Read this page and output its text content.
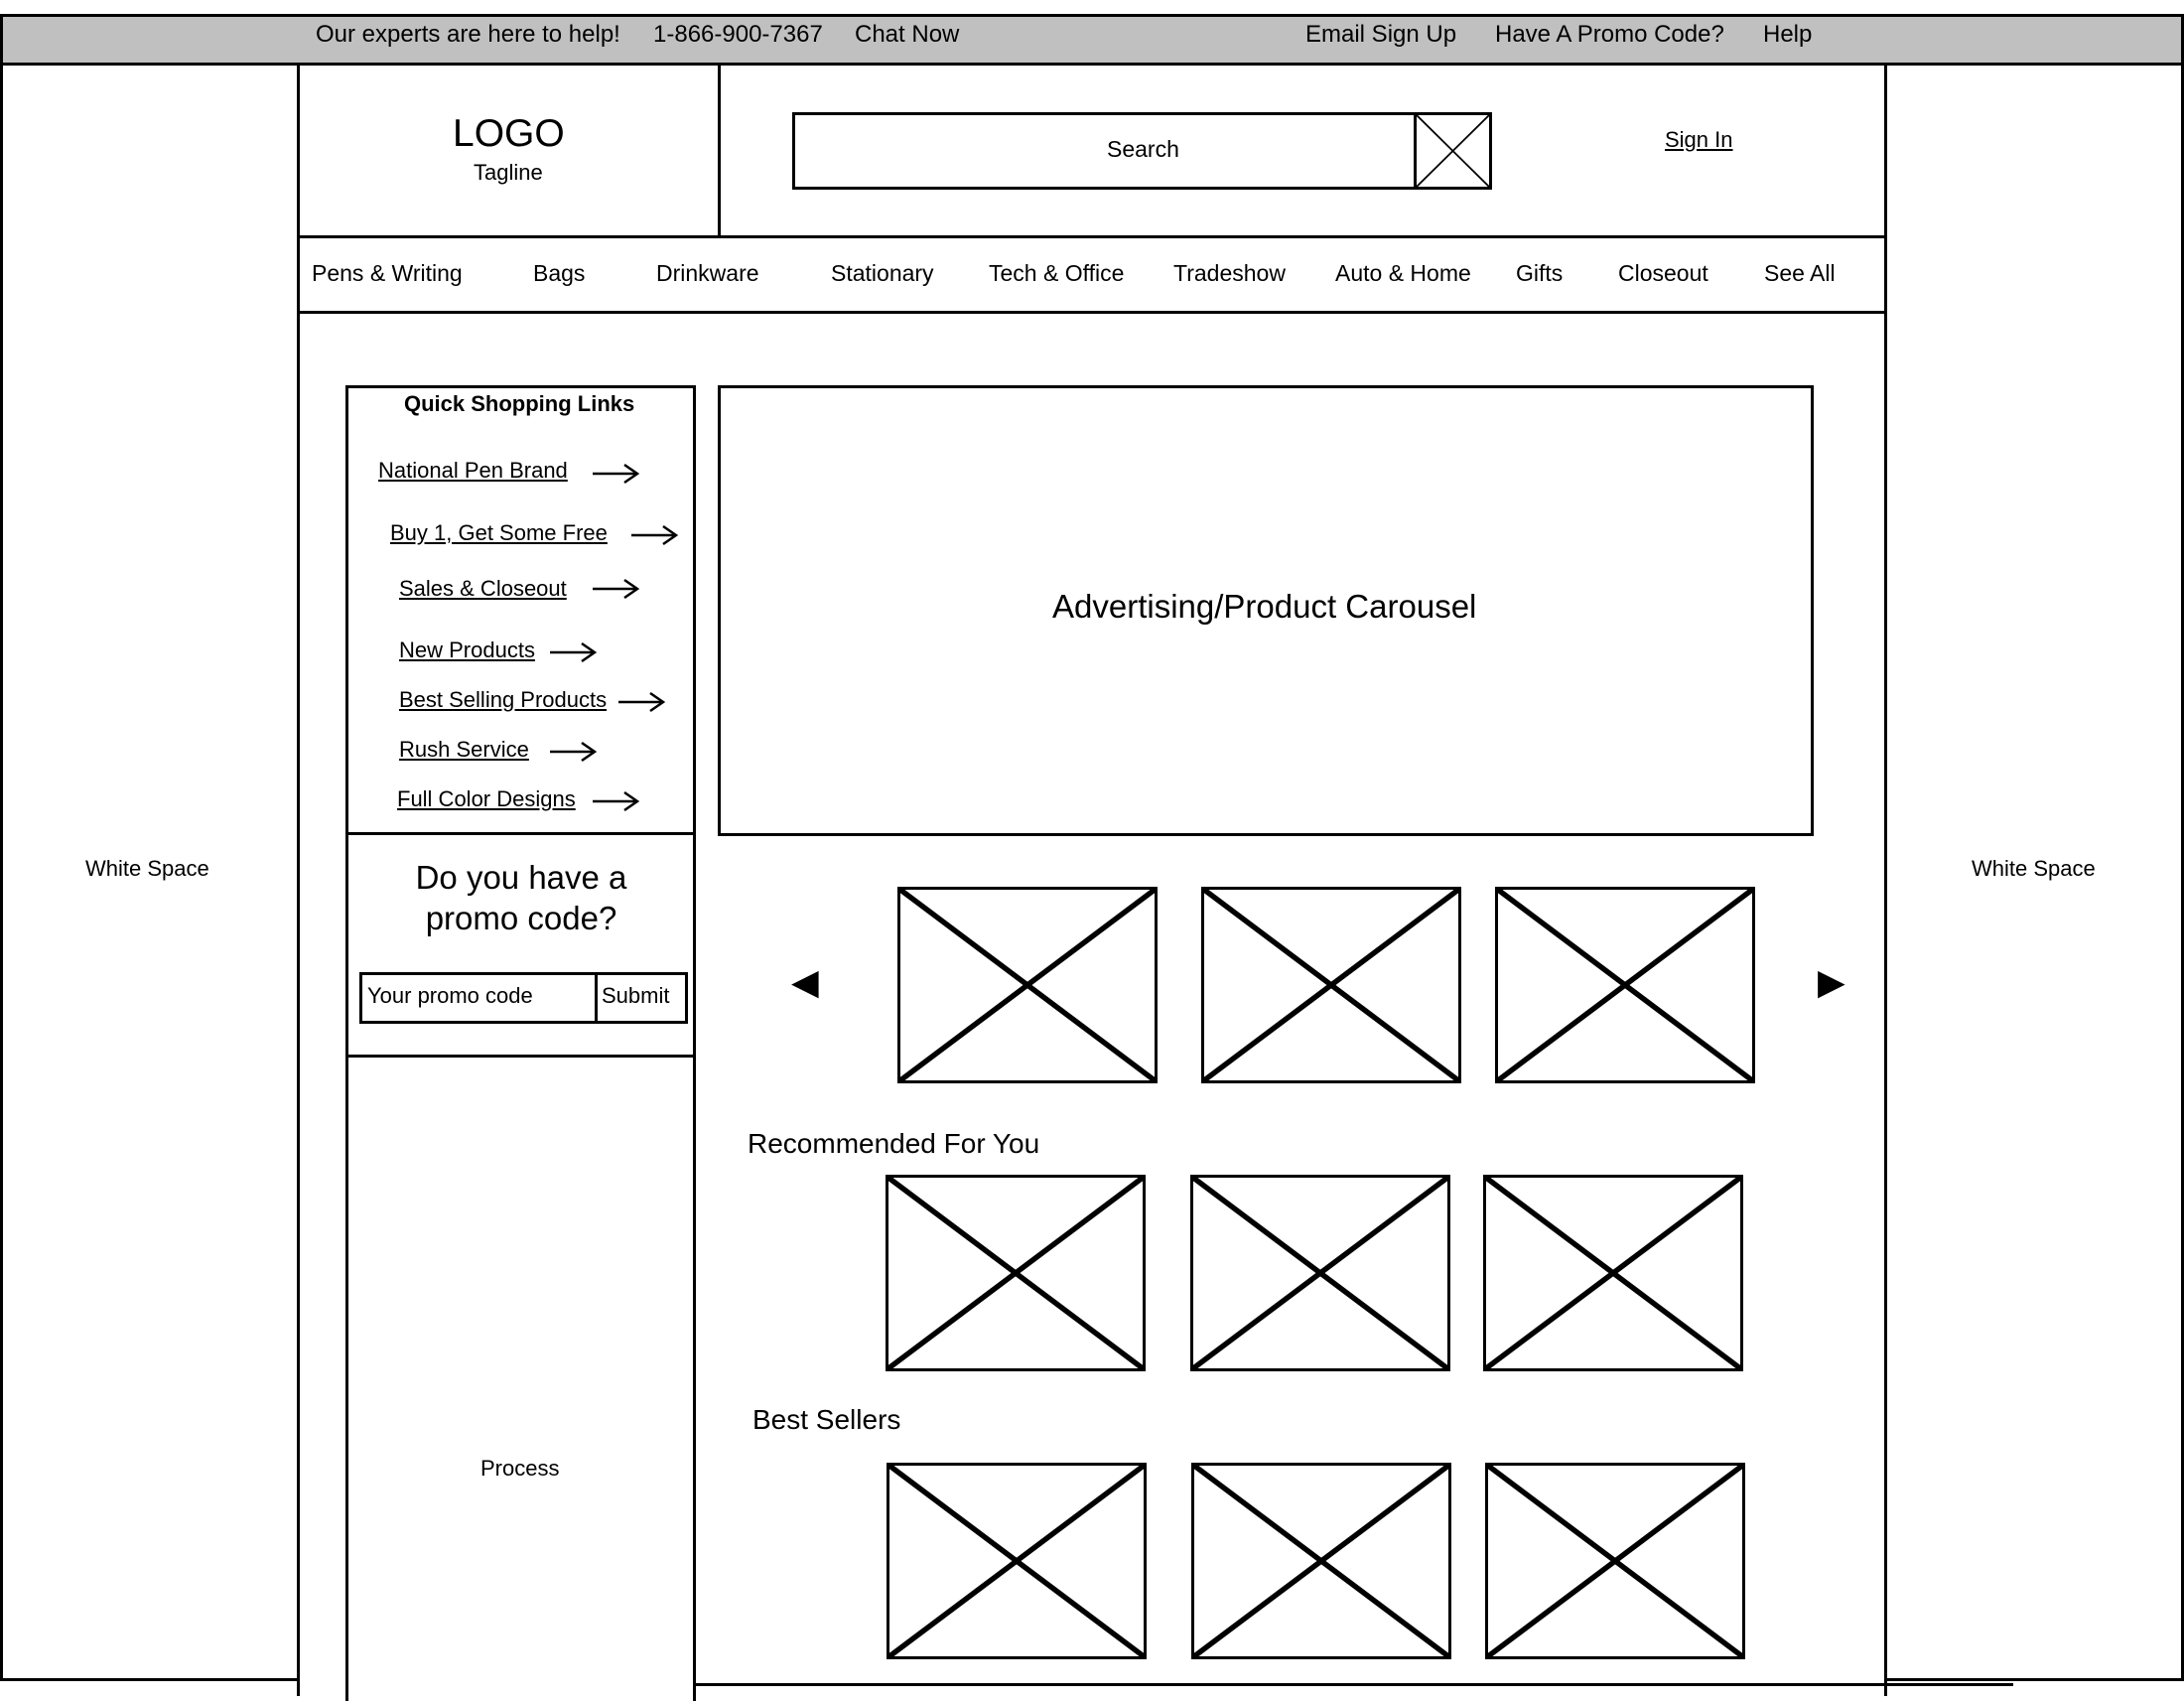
Our experts are here to help! 1-866-900-7367 Chat Now	Email Sign Up Have A Promo Code? Help
White Space	White Space
LOGO
Tagline
Search	Sign In
Pens & Writing	Bags	Drinkware	Stationary Tech & Office Tradeshow Auto & Home Gifts Closeout See All
Quick Shopping Links
National Pen Brand
Buy 1, Get Some Free
Sales & Closeout
New Products
Best Selling Products
Rush Service
Full Color Designs
Do you have a
promo code?
Your promo code	Submit
Process
Advertising/Product Carousel
◀	▶
Recommended For You
Best Sellers
